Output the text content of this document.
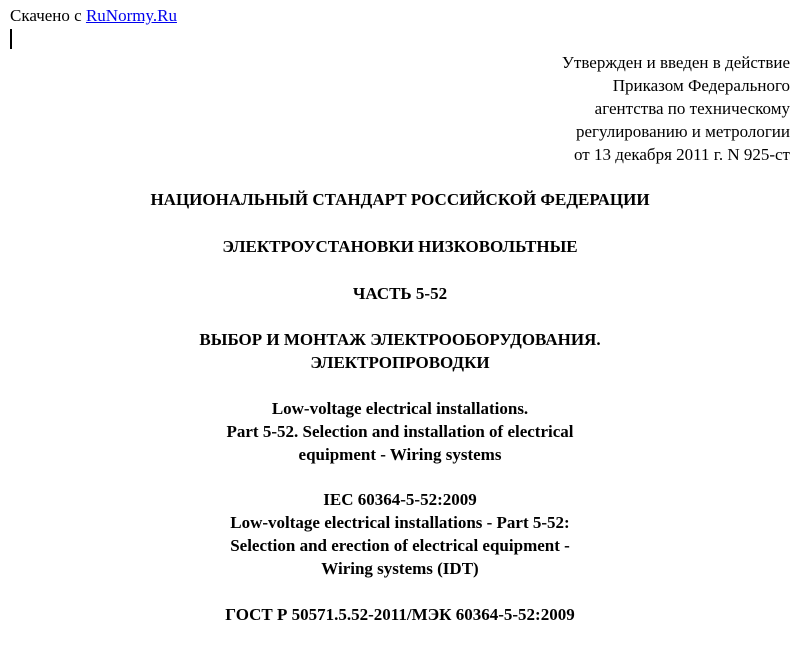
Скачено с RuNormy.Ru
Утвержден и введен в действие
Приказом Федерального
агентства по техническому
регулированию и метрологии
от 13 декабря 2011 г. N 925-ст
НАЦИОНАЛЬНЫЙ СТАНДАРТ РОССИЙСКОЙ ФЕДЕРАЦИИ
ЭЛЕКТРОУСТАНОВКИ НИЗКОВОЛЬТНЫЕ
ЧАСТЬ 5-52
ВЫБОР И МОНТАЖ ЭЛЕКТРООБОРУДОВАНИЯ.
ЭЛЕКТРОПРОВОДКИ
Low-voltage electrical installations.
Part 5-52. Selection and installation of electrical
equipment - Wiring systems
IEC 60364-5-52:2009
Low-voltage electrical installations - Part 5-52:
Selection and erection of electrical equipment -
Wiring systems (IDT)
ГОСТ Р 50571.5.52-2011/МЭК 60364-5-52:2009
